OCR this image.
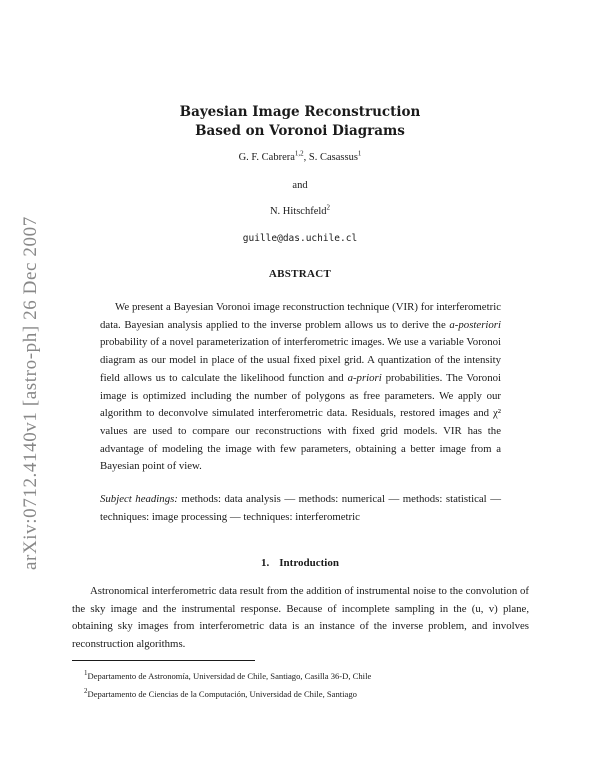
arXiv:0712.4140v1 [astro-ph] 26 Dec 2007
Bayesian Image Reconstruction
Based on Voronoi Diagrams
G. F. Cabrera$^{1,2}$, S. Casassus$^1$
and
N. Hitschfeld$^2$
guille@das.uchile.cl
ABSTRACT
We present a Bayesian Voronoi image reconstruction technique (VIR) for interferometric data. Bayesian analysis applied to the inverse problem allows us to derive the a-posteriori probability of a novel parameterization of interferometric images. We use a variable Voronoi diagram as our model in place of the usual fixed pixel grid. A quantization of the intensity field allows us to calculate the likelihood function and a-priori probabilities. The Voronoi image is optimized including the number of polygons as free parameters. We apply our algorithm to deconvolve simulated interferometric data. Residuals, restored images and χ² values are used to compare our reconstructions with fixed grid models. VIR has the advantage of modeling the image with few parameters, obtaining a better image from a Bayesian point of view.
Subject headings: methods: data analysis — methods: numerical — methods: statistical — techniques: image processing — techniques: interferometric
1. Introduction
Astronomical interferometric data result from the addition of instrumental noise to the convolution of the sky image and the instrumental response. Because of incomplete sampling in the (u, v) plane, obtaining sky images from interferometric data is an instance of the inverse problem, and involves reconstruction algorithms.
$^1$Departamento de Astronomía, Universidad de Chile, Santiago, Casilla 36-D, Chile
$^2$Departamento de Ciencias de la Computación, Universidad de Chile, Santiago
